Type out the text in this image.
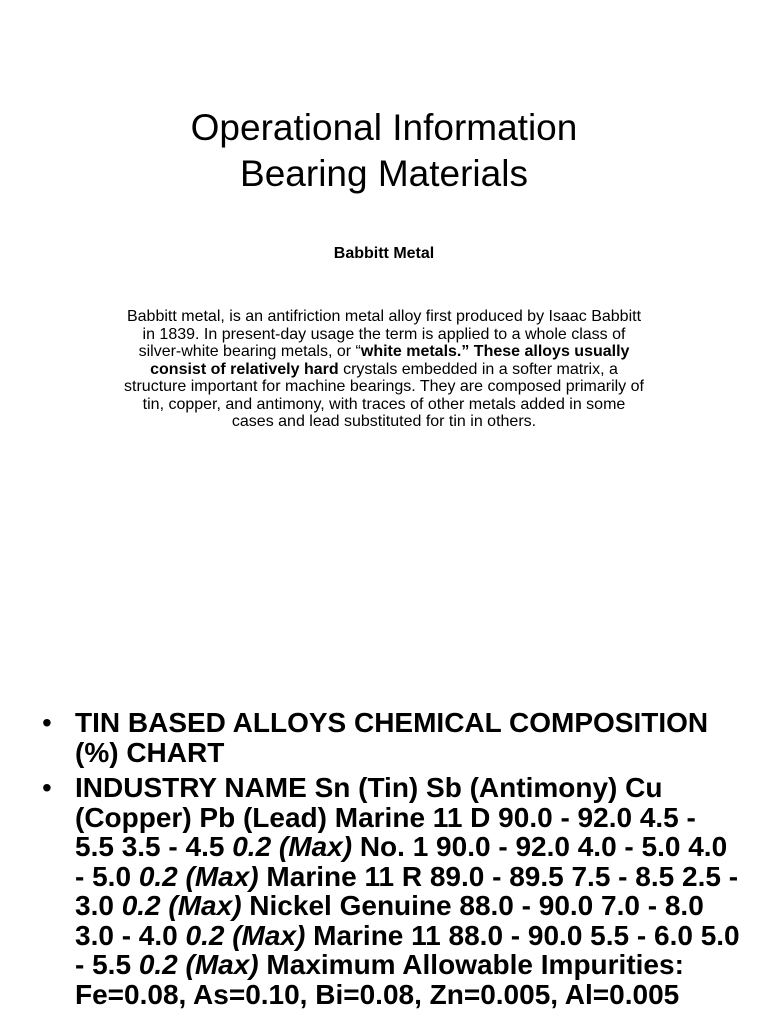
Operational Information
Bearing Materials
Babbitt Metal

Babbitt metal, is an antifriction metal alloy first produced by Isaac Babbitt in 1839. In present-day usage the term is applied to a whole class of silver-white bearing metals, or “white metals.” These alloys usually consist of relatively hard crystals embedded in a softer matrix, a structure important for machine bearings. They are composed primarily of tin, copper, and antimony, with traces of other metals added in some cases and lead substituted for tin in others.

• TIN BASED ALLOYS CHEMICAL COMPOSITION (%) CHART
• INDUSTRY NAME Sn (Tin) Sb (Antimony) Cu (Copper) Pb (Lead) Marine 11 D 90.0 - 92.0 4.5 - 5.5 3.5 - 4.5 0.2 (Max) No. 1 90.0 - 92.0 4.0 - 5.0 4.0 - 5.0 0.2 (Max) Marine 11 R 89.0 - 89.5 7.5 - 8.5 2.5 - 3.0 0.2 (Max) Nickel Genuine 88.0 - 90.0 7.0 - 8.0 3.0 - 4.0 0.2 (Max) Marine 11 88.0 - 90.0 5.5 - 6.0 5.0 - 5.5 0.2 (Max) Maximum Allowable Impurities: Fe=0.08, As=0.10, Bi=0.08, Zn=0.005, Al=0.005
